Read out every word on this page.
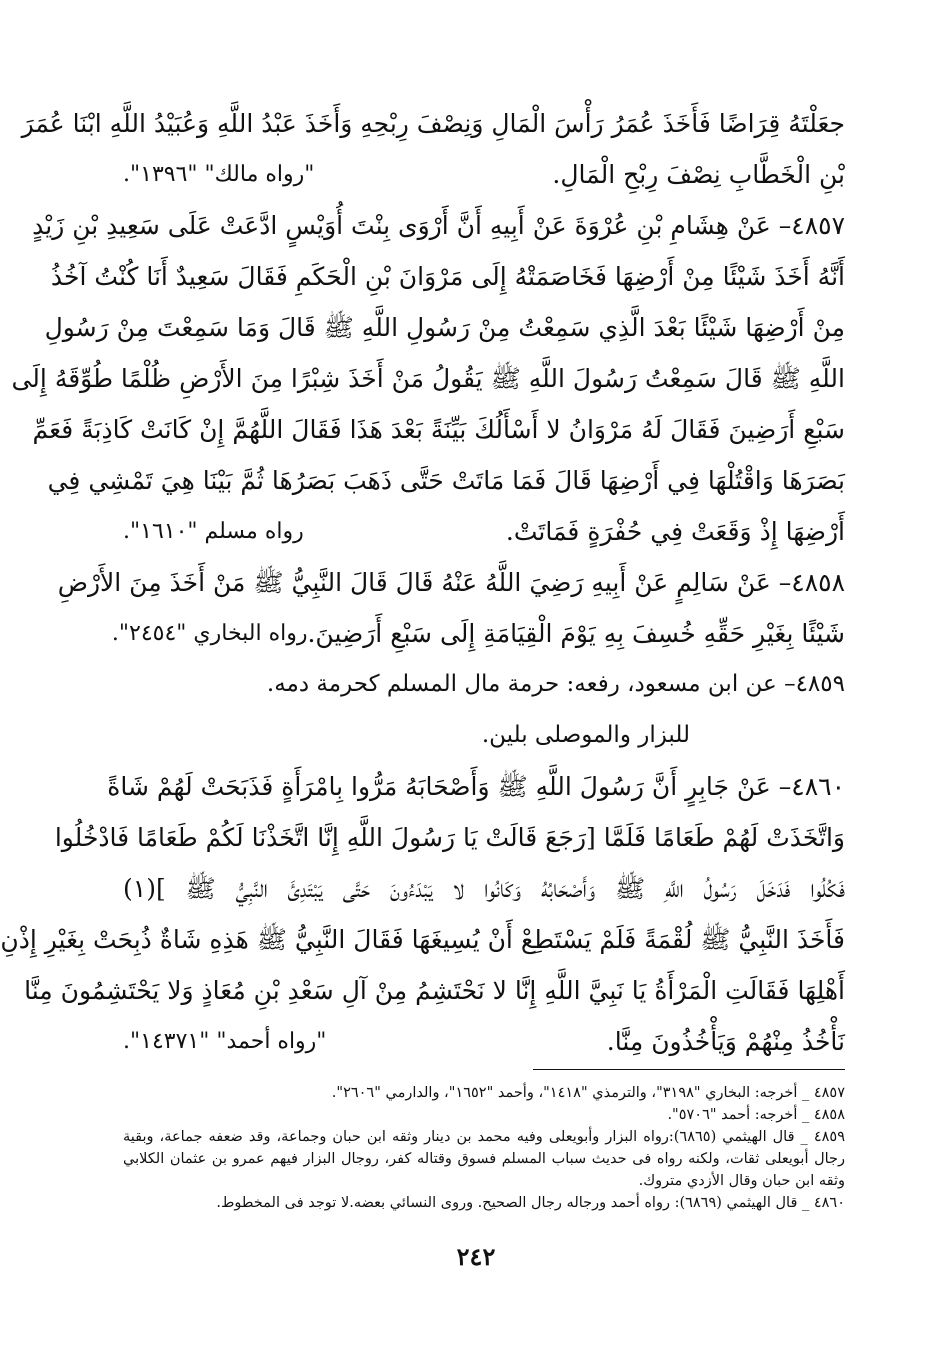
جعَلْتَهُ قِرَاضًا فَأَخَذَ عُمَرُ رَأْسَ الْمَالِ وَنِصْفَ رِبْحِهِ وَأَخَذَ عَبْدُ اللَّهِ وَعُبَيْدُ اللَّهِ ابْنَا عُمَرَ
بْنِ الْخَطَّابِ نِصْفَ رِبْحِ الْمَالِ.
"رواه مالك" "١٣٩٦".
٤٨٥٧– عَنْ هِشَامِ بْنِ عُرْوَةَ عَنْ أَبِيهِ أَنَّ أَرْوَى بِنْتَ أُوَيْسٍ ادَّعَتْ عَلَى سَعِيدِ بْنِ زَيْدٍ
أَنَّهُ أَخَذَ شَيْئًا مِنْ أَرْضِهَا فَخَاصَمَتْهُ إِلَى مَرْوَانَ بْنِ الْحَكَمِ فَقَالَ سَعِيدٌ أَنَا كُنْتُ آخُذُ
مِنْ أَرْضِهَا شَيْئًا بَعْدَ الَّذِي سَمِعْتُ مِنْ رَسُولِ اللَّهِ ﷺ قَالَ وَمَا سَمِعْتَ مِنْ رَسُولِ
اللَّهِ ﷺ قَالَ سَمِعْتُ رَسُولَ اللَّهِ ﷺ يَقُولُ مَنْ أَخَذَ شِبْرًا مِنَ الأَرْضِ ظُلْمًا طُوِّقَهُ إِلَى
سَبْعِ أَرَضِينَ فَقَالَ لَهُ مَرْوَانُ لا أَسْأَلُكَ بَيِّنَةً بَعْدَ هَذَا فَقَالَ اللَّهُمَّ إِنْ كَانَتْ كَاذِبَةً فَعَمِّ
بَصَرَهَا وَاقْتُلْهَا فِي أَرْضِهَا قَالَ فَمَا مَاتَتْ حَتَّى ذَهَبَ بَصَرُهَا ثُمَّ بَيْنَا هِيَ تَمْشِي فِي
أَرْضِهَا إِذْ وَقَعَتْ فِي حُفْرَةٍ فَمَاتَتْ.
رواه مسلم "١٦١٠".
٤٨٥٨– عَنْ سَالِمٍ عَنْ أَبِيهِ رَضِيَ اللَّهُ عَنْهُ قَالَ قَالَ النَّبِيُّ ﷺ مَنْ أَخَذَ مِنَ الأَرْضِ
شَيْئًا بِغَيْرِ حَقِّهِ خُسِفَ بِهِ يَوْمَ الْقِيَامَةِ إِلَى سَبْعِ أَرَضِينَ.
رواه البخاري "٢٤٥٤".
٤٨٥٩– عن ابن مسعود، رفعه: حرمة مال المسلم كحرمة دمه.
للبزار والموصلى بلين.
٤٨٦٠– عَنْ جَابِرٍ أَنَّ رَسُولَ اللَّهِ ﷺ وَأَصْحَابَهُ مَرُّوا بِامْرَأَةٍ فَذَبَحَتْ لَهُمْ شَاةً
وَاتَّخَذَتْ لَهُمْ طَعَامًا فَلَمَّا [رَجَعَ قَالَتْ يَا رَسُولَ اللَّهِ إِنَّا اتَّخَذْنَا لَكُمْ طَعَامًا فَادْخُلُوا
فَكُلُوا فَدَخَلَ رَسُولُ اللَّهِ ﷺ وَأَصْحَابُهُ وَكَانُوا لا يَبْدَءُونَ حَتَّى يَبْتَدِئَ النَّبِيُّ ﷺ ](١)
فَأَخَذَ النَّبِيُّ ﷺ لُقْمَةً فَلَمْ يَسْتَطِعْ أَنْ يُسِيغَهَا فَقَالَ النَّبِيُّ ﷺ هَذِهِ شَاةٌ ذُبِحَتْ بِغَيْرِ إِذْنِ
أَهْلِهَا فَقَالَتِ الْمَرْأَةُ يَا نَبِيَّ اللَّهِ إِنَّا لا نَحْتَشِمُ مِنْ آلِ سَعْدِ بْنِ مُعَاذٍ وَلا يَحْتَشِمُونَ مِنَّا
نَأْخُذُ مِنْهُمْ وَيَأْخُذُونَ مِنَّا.
"رواه أحمد" "١٤٣٧١".

٤٨٥٧ _ أخرجه: البخاري "٣١٩٨"، والترمذي "١٤١٨"، وأحمد "١٦٥٢"، والدارمي "٢٦٠٦".

٤٨٥٨ _ أخرجه: أحمد "٥٧٠٦".

٤٨٥٩ _ قال الهيثمي (٦٨٦٥):رواه البزار وأبويعلى وفيه محمد بن دينار وثقه ابن حبان وجماعة، وقد ضعفه جماعة، وبقية رجال أبويعلى ثقات، ولكنه رواه فى حديث سباب المسلم فسوق وقتاله كفر، روجال البزار فيهم عمرو بن عثمان الكلابي وثقه ابن حبان وقال الأزدي متروك.

٤٨٦٠ _ قال الهيثمي (٦٨٦٩): رواه أحمد ورجاله رجال الصحيح. وروى النسائي بعضه.لا توجد فى المخطوط.

٢٤٢
